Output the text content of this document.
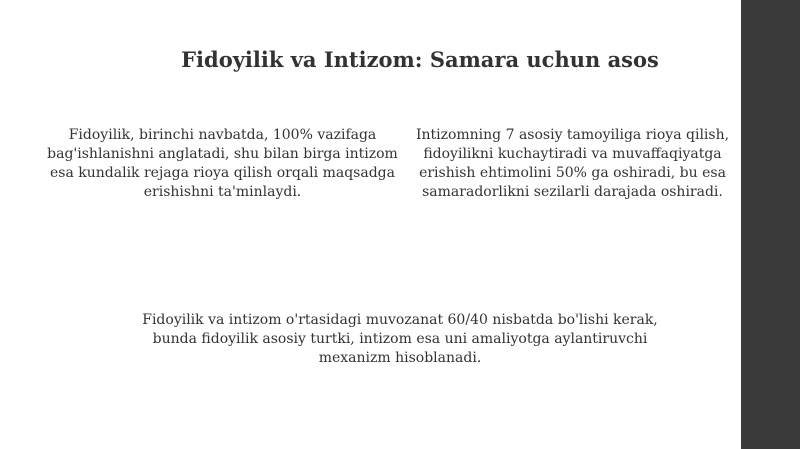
Fidoyilik va Intizom: Samara uchun asos

Fidoyilik, birinchi navbatda, 100% vazifaga bag'ishlanishni anglatadi, shu bilan birga intizom esa kundalik rejaga rioya qilish orqali maqsadga erishishni ta'minlaydi.

Intizomning 7 asosiy tamoyiliga rioya qilish, fidoyilikni kuchaytiradi va muvaffaqiyatga erishish ehtimolini 50% ga oshiradi, bu esa samaradorlikni sezilarli darajada oshiradi.

Fidoyilik va intizom o'rtasidagi muvozanat 60/40 nisbatda bo'lishi kerak, bunda fidoyilik asosiy turtki, intizom esa uni amaliyotga aylantiruvchi mexanizm hisoblanadi.
